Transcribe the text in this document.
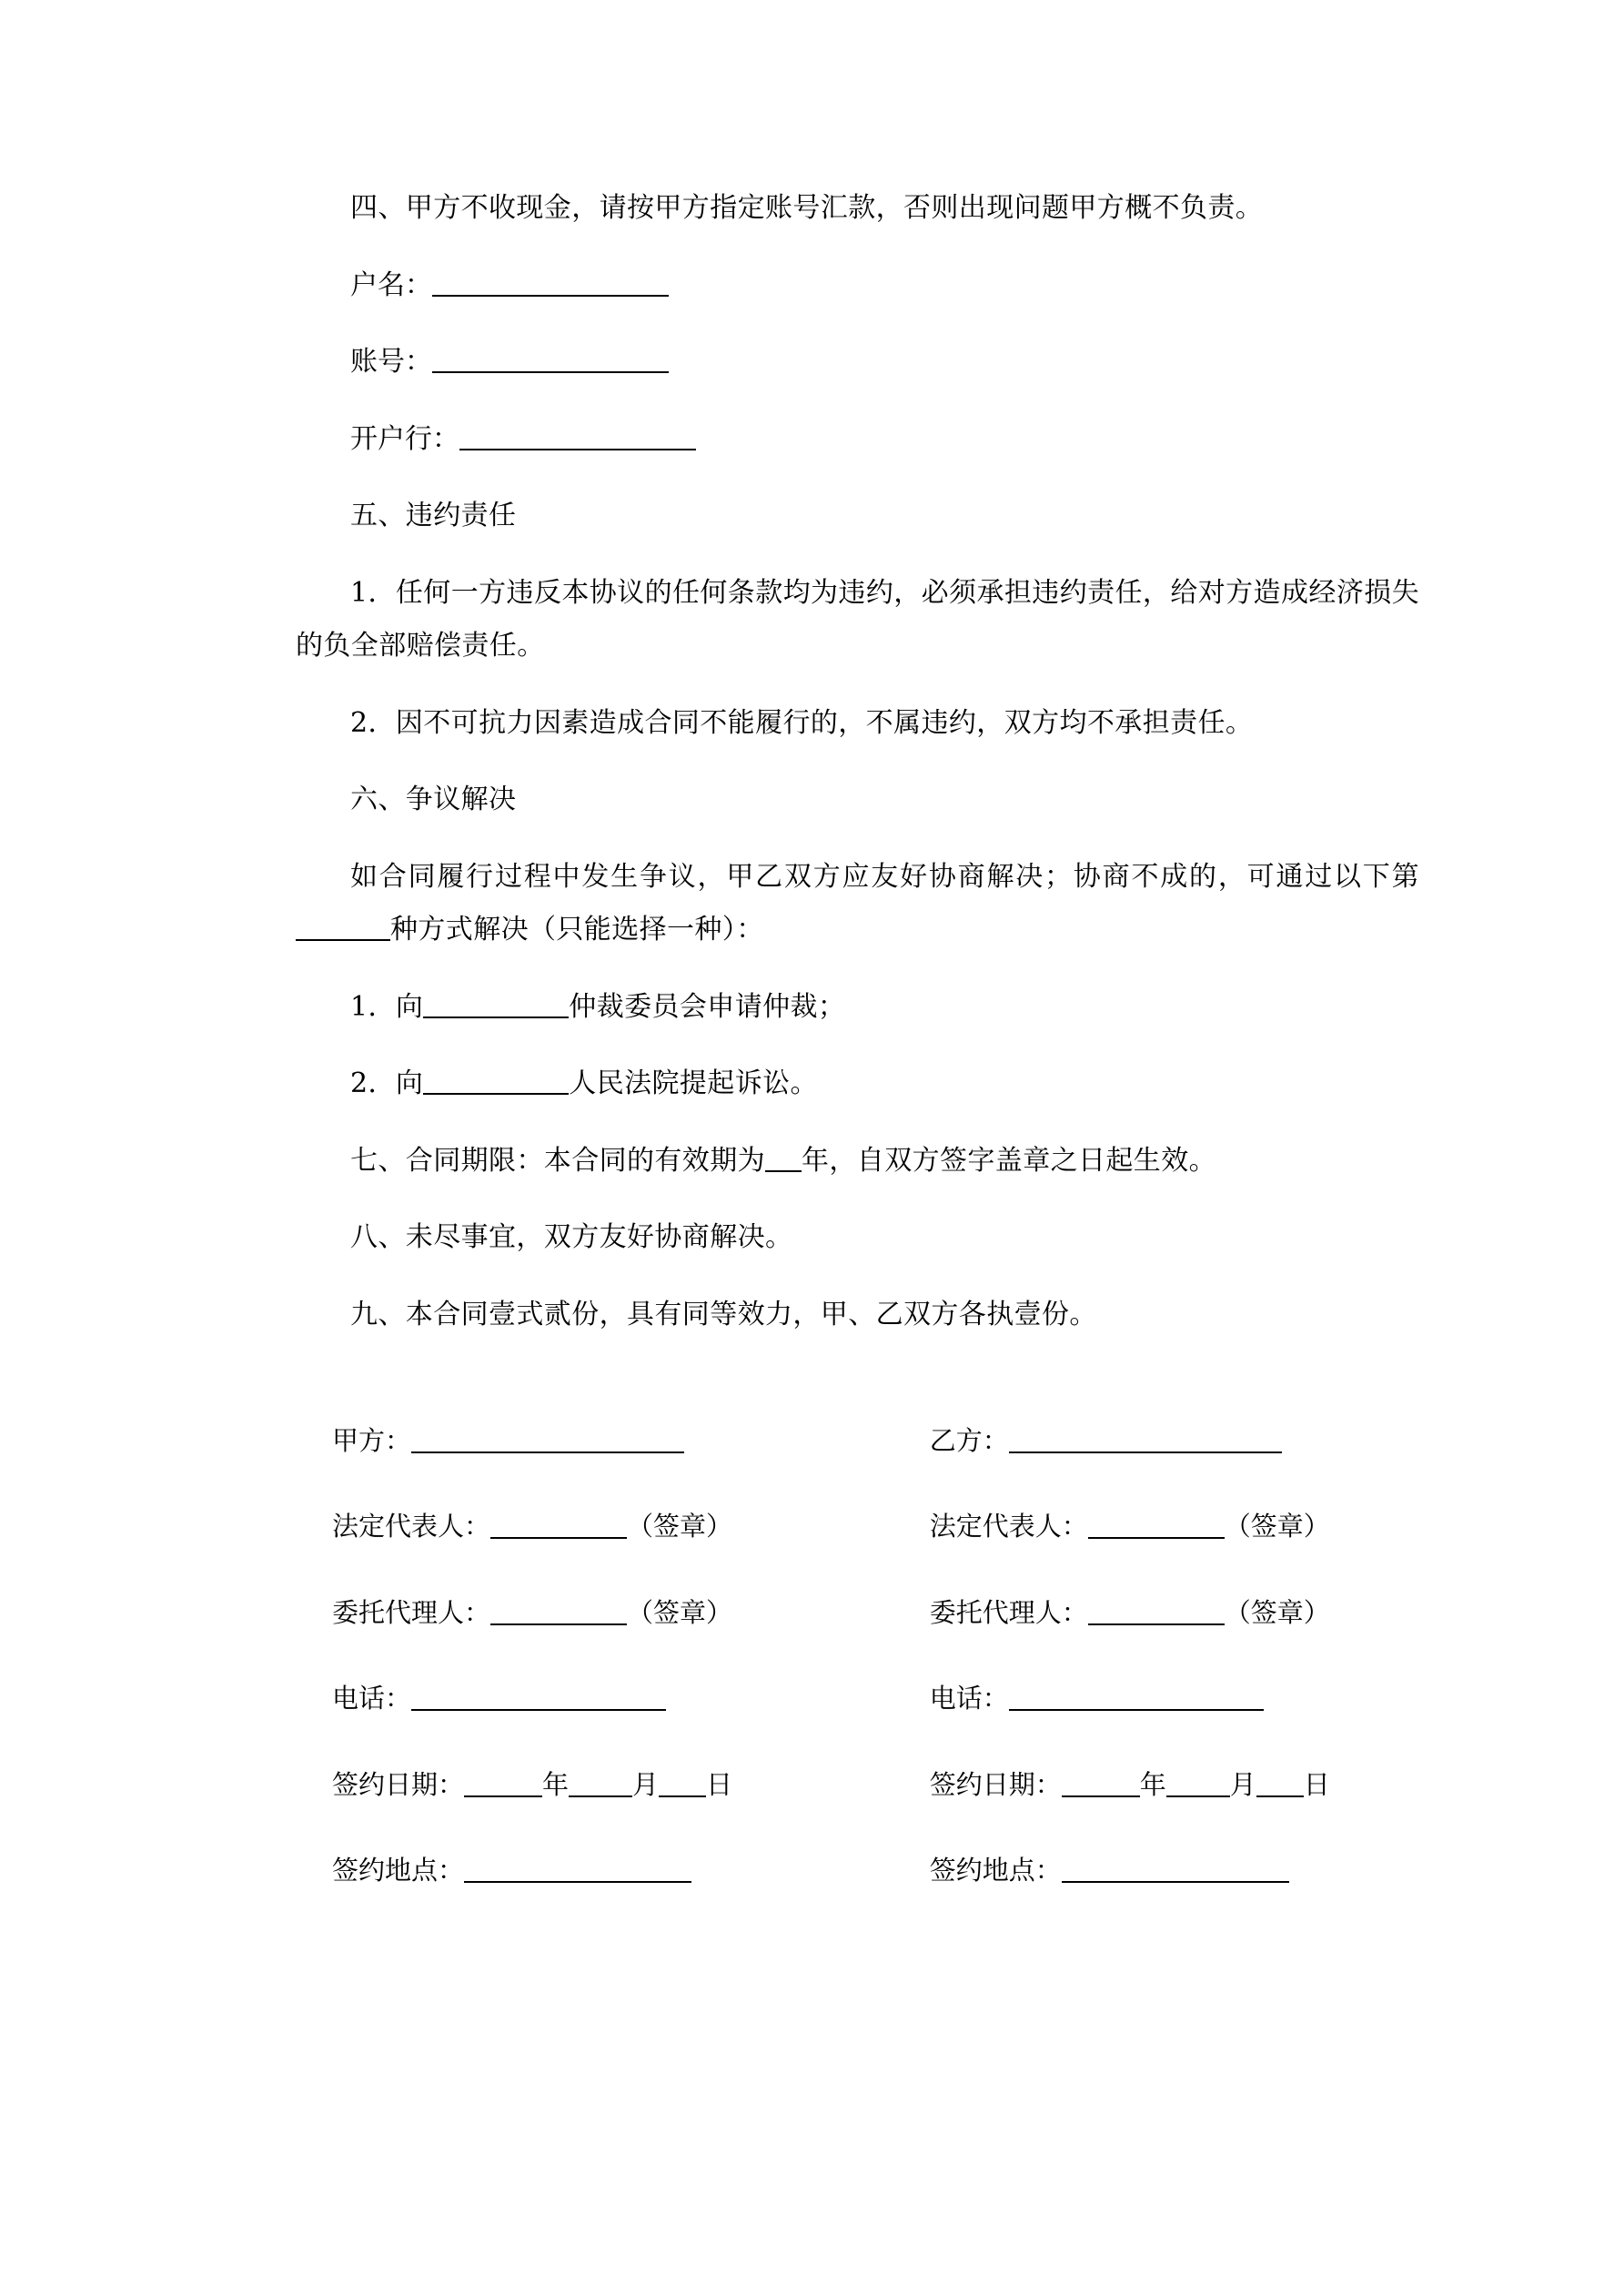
四、甲方不收现金，请按甲方指定账号汇款，否则出现问题甲方概不负责。

户名：

账号：

开户行：

五、违约责任

1．任何一方违反本协议的任何条款均为违约，必须承担违约责任，给对方造成经济损失的负全部赔偿责任。

2．因不可抗力因素造成合同不能履行的，不属违约，双方均不承担责任。

六、争议解决

如合同履行过程中发生争议，甲乙双方应友好协商解决；协商不成的，可通过以下第种方式解决（只能选择一种）：

1．向	仲裁委员会申请仲裁；

2．向	人民法院提起诉讼。

七、合同期限：本合同的有效期为 年，自双方签字盖章之日起生效。

八、未尽事宜，双方友好协商解决。

九、本合同壹式贰份，具有同等效力，甲、乙双方各执壹份。

甲方：
法定代表人：	（签章）
委托代理人：	（签章）
电话：
签约日期：	年 月 日
签约地点：
乙方：
法定代表人：	（签章）
委托代理人：	（签章）
电话：
签约日期：	年 月 日
签约地点：
